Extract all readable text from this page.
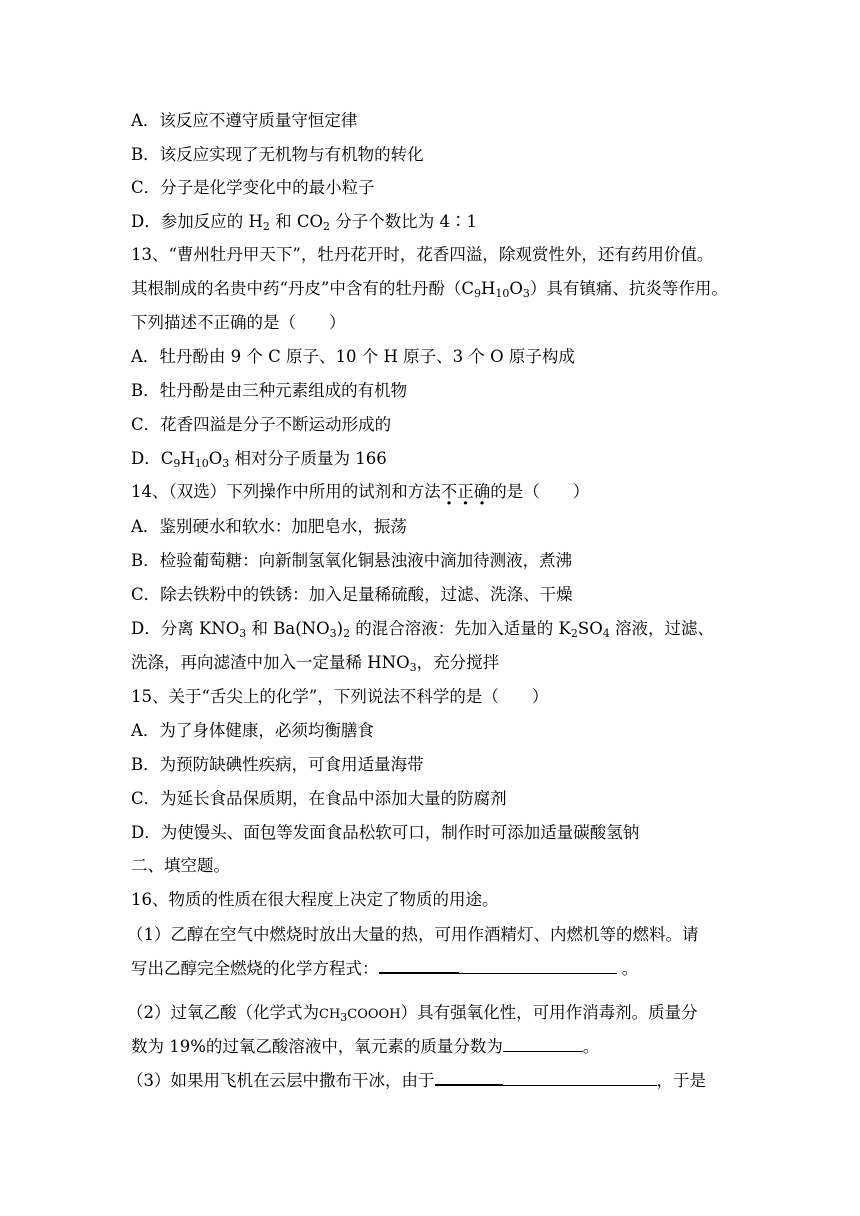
A．该反应不遵守质量守恒定律
B．该反应实现了无机物与有机物的转化
C．分子是化学变化中的最小粒子
D．参加反应的 $H_2$ 和 $CO_2$ 分子个数比为 4∶1
13、“曹州牡丹甲天下”，牡丹花开时，花香四溢，除观赏性外，还有药用价值。
其根制成的名贵中药“丹皮”中含有的牡丹酚$(C_9H_{10}O_3)$具有镇痛、抗炎等作用。
下列描述不正确的是（　　）
A．牡丹酚由 9 个 C 原子、10 个 H 原子、3 个 O 原子构成
B．牡丹酚是由三种元素组成的有机物
C．花香四溢是分子不断运动形成的
D．$C_9H_{10}O_3$ 相对分子质量为 166
14、（双选）下列操作中所用的试剂和方法不正确的是（　　）
A．鉴别硬水和软水：加肥皂水，振荡
B．检验葡萄糖：向新制氢氧化铜悬浊液中滴加待测液，煮沸
C．除去铁粉中的铁锈：加入足量稀硫酸，过滤、洗涤、干燥
D．分离 $KNO_3$ 和 $Ba(NO_3)_2$ 的混合溶液：先加入适量的 $K_2SO_4$ 溶液，过滤、
洗涤，再向滤渣中加入一定量稀 $HNO_3$，充分搅拌
15、关于“舌尖上的化学”，下列说法不科学的是（　　）
A．为了身体健康，必须均衡膳食
B．为预防缺碘性疾病，可食用适量海带
C．为延长食品保质期，在食品中添加大量的防腐剂
D．为使馒头、面包等发面食品松软可口，制作时可添加适量碳酸氢钠
二、填空题。
16、物质的性质在很大程度上决定了物质的用途。
（1）乙醇在空气中燃烧时放出大量的热，可用作酒精灯、内燃机等的燃料。请
写出乙醇完全燃烧的化学方程式：	。
（2）过氧乙酸（化学式为$CH_3COOOH$）具有强氧化性，可用作消毒剂。质量分
数为 19%的过氧乙酸溶液中，氧元素的质量分数为	。
（3）如果用飞机在云层中撒布干冰，由于	，于是
